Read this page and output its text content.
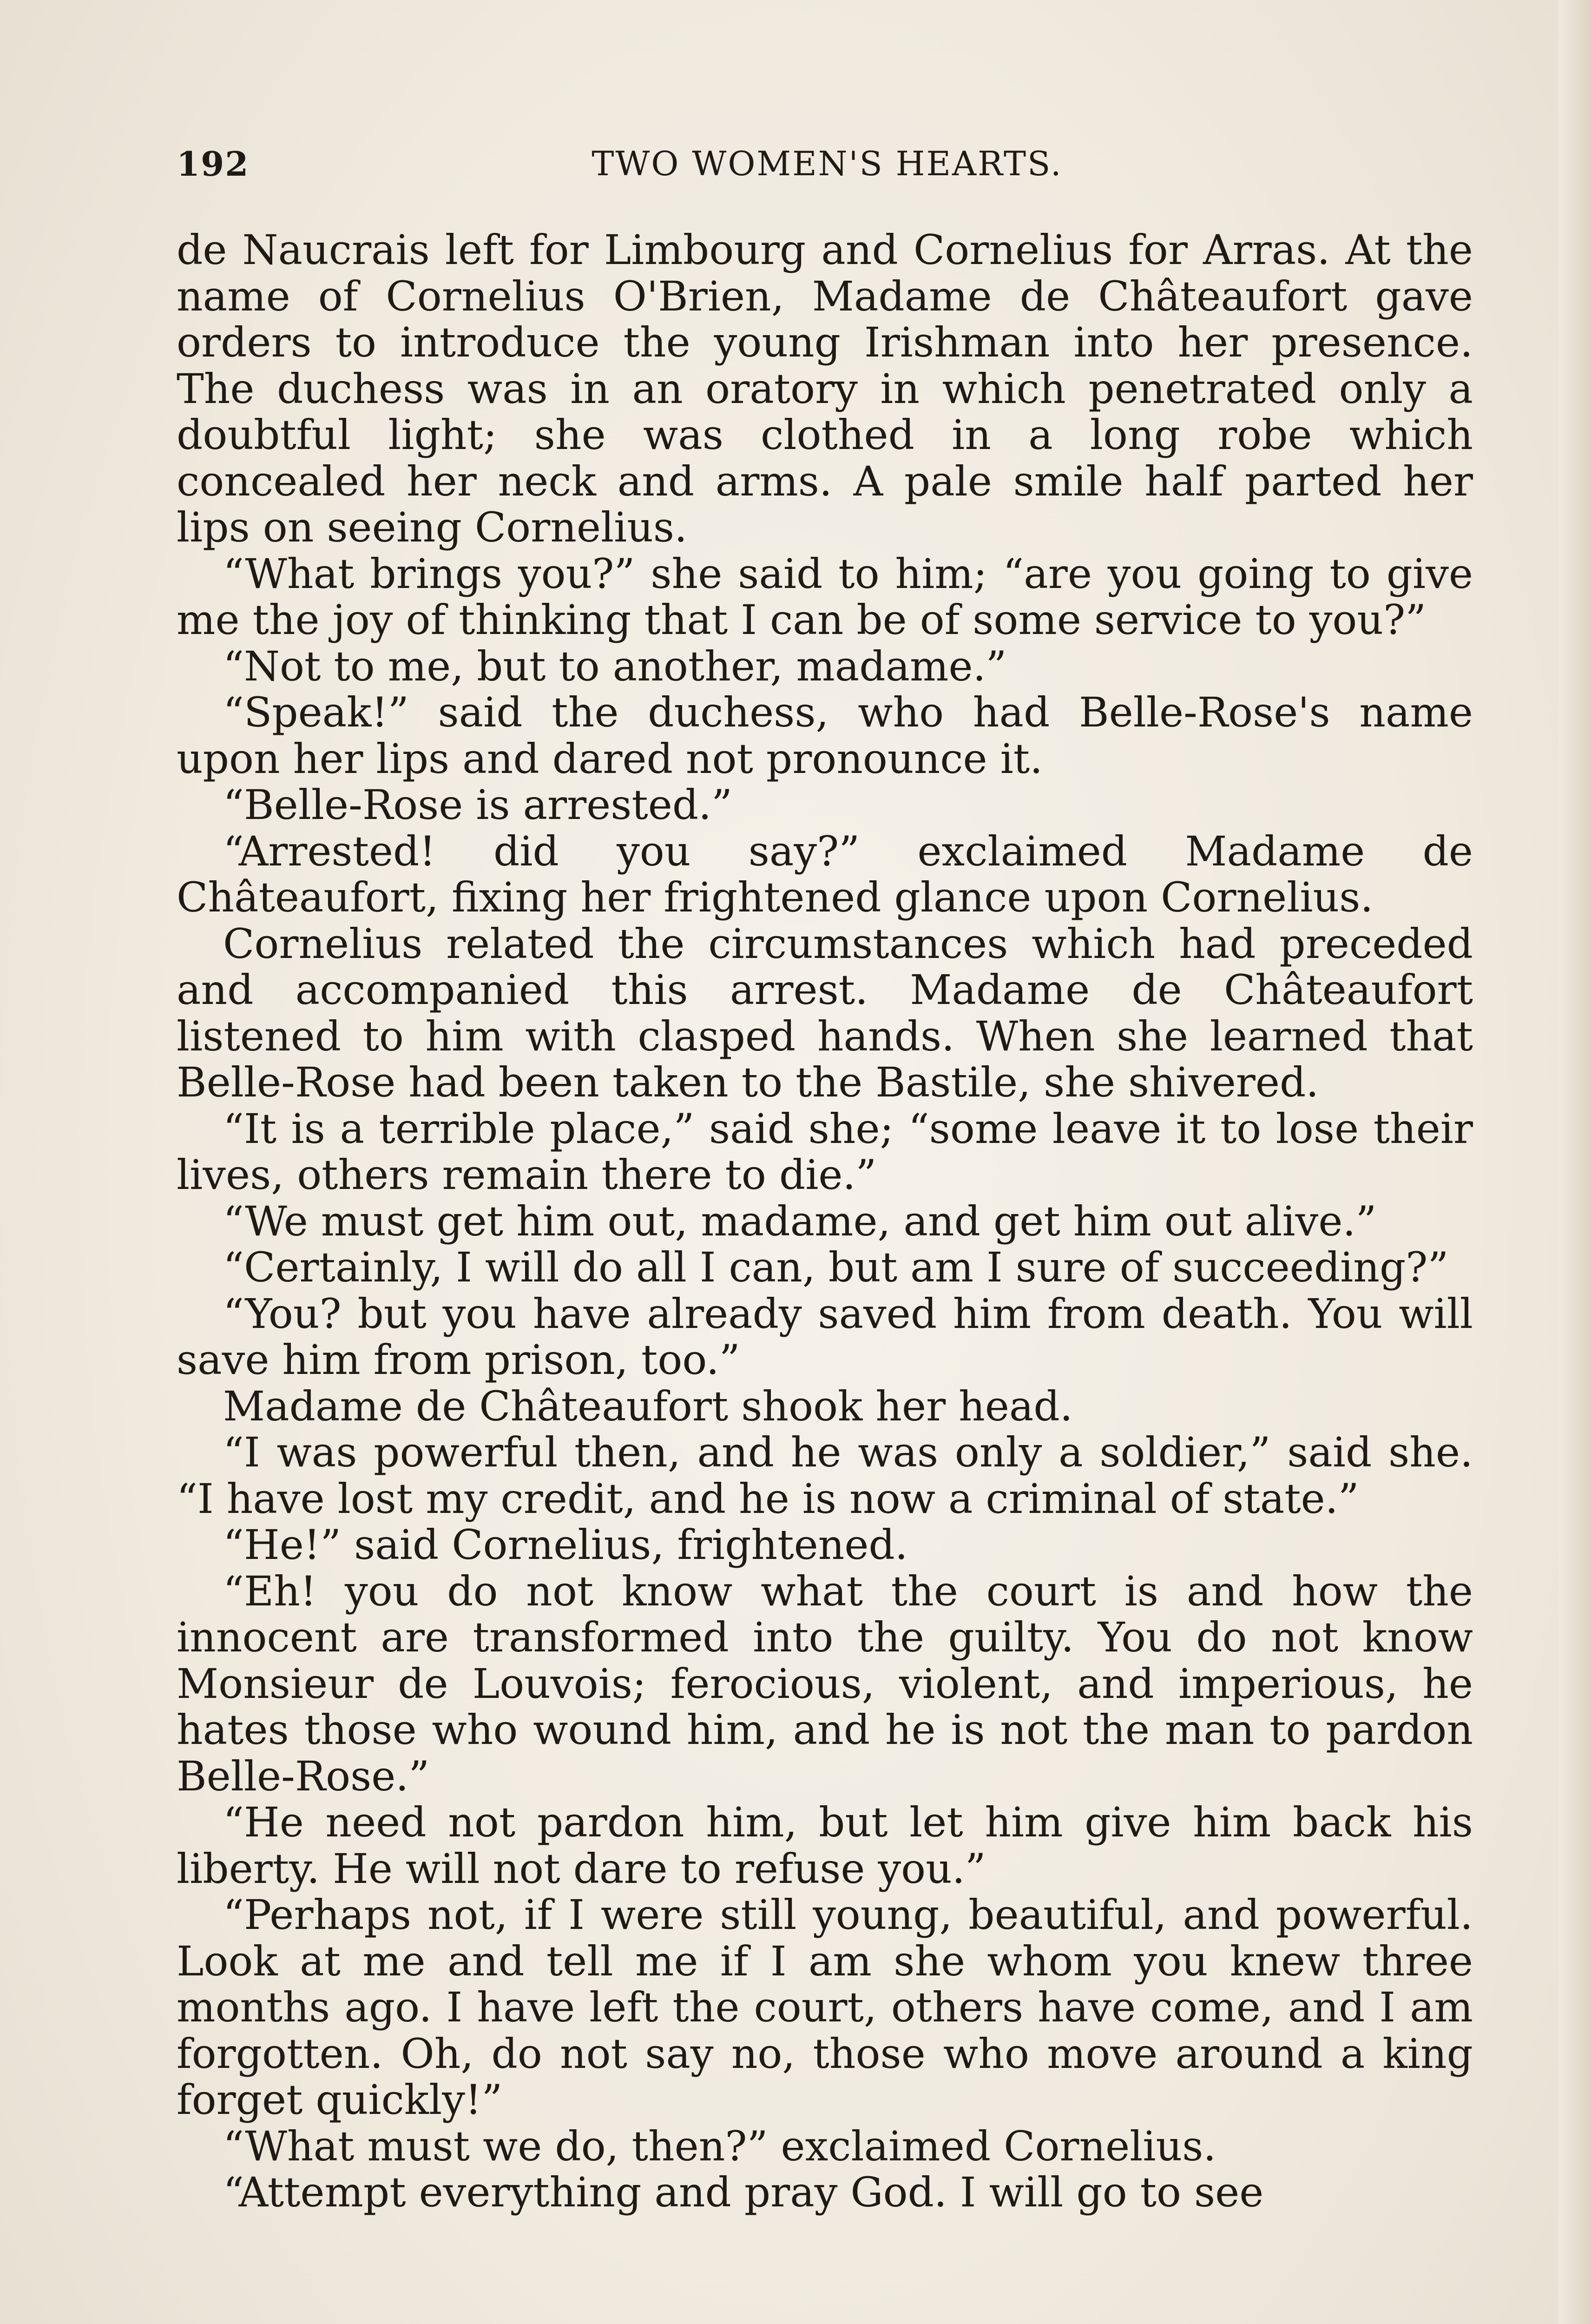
TWO WOMEN'S HEARTS.
192

de Naucrais left for Limbourg and Cornelius for Arras. At the name of Cornelius O'Brien, Madame de Châteaufort gave orders to introduce the young Irishman into her presence. The duchess was in an oratory in which penetrated only a doubtful light; she was clothed in a long robe which concealed her neck and arms. A pale smile half parted her lips on seeing Cornelius.

“What brings you?” she said to him; “are you going to give me the joy of thinking that I can be of some service to you?”

“Not to me, but to another, madame.”

“Speak!” said the duchess, who had Belle-Rose's name upon her lips and dared not pronounce it.

“Belle-Rose is arrested.”

“Arrested! did you say?” exclaimed Madame de Châteaufort, fixing her frightened glance upon Cornelius.

Cornelius related the circumstances which had preceded and accompanied this arrest. Madame de Châteaufort listened to him with clasped hands. When she learned that Belle-Rose had been taken to the Bastile, she shivered.

“It is a terrible place,” said she; “some leave it to lose their lives, others remain there to die.”

“We must get him out, madame, and get him out alive.”

“Certainly, I will do all I can, but am I sure of succeeding?”

“You? but you have already saved him from death. You will save him from prison, too.”

Madame de Châteaufort shook her head.

“I was powerful then, and he was only a soldier,” said she. “I have lost my credit, and he is now a criminal of state.”

“He!” said Cornelius, frightened.

“Eh! you do not know what the court is and how the innocent are transformed into the guilty. You do not know Monsieur de Louvois; ferocious, violent, and imperious, he hates those who wound him, and he is not the man to pardon Belle-Rose.”

“He need not pardon him, but let him give him back his liberty. He will not dare to refuse you.”

“Perhaps not, if I were still young, beautiful, and powerful. Look at me and tell me if I am she whom you knew three months ago. I have left the court, others have come, and I am forgotten. Oh, do not say no, those who move around a king forget quickly!”

“What must we do, then?” exclaimed Cornelius.

“Attempt everything and pray God. I will go to see
